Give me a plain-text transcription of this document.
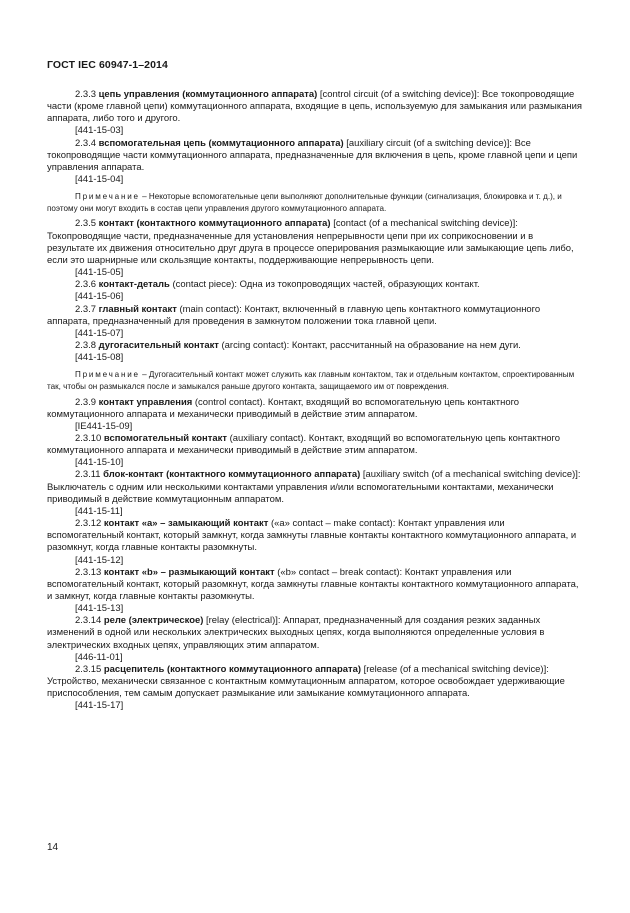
ГОСТ IEC 60947-1–2014

2.3.3 цепь управления (коммутационного аппарата) [control circuit (of a switching device)]: Все токопроводящие части (кроме главной цепи) коммутационного аппарата, входящие в цепь, используемую для замыкания или размыкания аппарата, либо того и другого.

[441-15-03]

2.3.4 вспомогательная цепь (коммутационного аппарата) [auxiliary circuit (of a switching device)]: Все токопроводящие части коммутационного аппарата, предназначенные для включения в цепь, кроме главной цепи и цепи управления аппарата.

[441-15-04]

Примечание – Некоторые вспомогательные цепи выполняют дополнительные функции (сигнализация, блокировка и т. д.), и поэтому они могут входить в состав цепи управления другого коммутационного аппарата.

2.3.5 контакт (контактного коммутационного аппарата) [contact (of a mechanical switching device)]: Токопроводящие части, предназначенные для установления непрерывности цепи при их соприкосновении и в результате их движения относительно друг друга в процессе оперирования размыкающие или замыкающие цепь либо, если это шарнирные или скользящие контакты, поддерживающие непрерывность цепи.

[441-15-05]

2.3.6 контакт-деталь (contact piece): Одна из токопроводящих частей, образующих контакт.

[441-15-06]

2.3.7 главный контакт (main contact): Контакт, включенный в главную цепь контактного коммутационного аппарата, предназначенный для проведения в замкнутом положении тока главной цепи.

[441-15-07]

2.3.8 дугогасительный контакт (arcing contact): Контакт, рассчитанный на образование на нем дуги.

[441-15-08]

Примечание – Дугогасительный контакт может служить как главным контактом, так и отдельным контактом, спроектированным так, чтобы он размыкался после и замыкался раньше другого контакта, защищаемого им от повреждения.

2.3.9 контакт управления (control contact). Контакт, входящий во вспомогательную цепь контактного коммутационного аппарата и механически приводимый в действие этим аппаратом.

[IE441-15-09]

2.3.10 вспомогательный контакт (auxiliary contact). Контакт, входящий во вспомогательную цепь контактного коммутационного аппарата и механически приводимый в действие этим аппаратом.

[441-15-10]

2.3.11 блок-контакт (контактного коммутационного аппарата) [auxiliary switch (of a mechanical switching device)]: Выключатель с одним или несколькими контактами управления и/или вспомогательными контактами, механически приводимый в действие коммутационным аппаратом.

[441-15-11]

2.3.12 контакт «а» – замыкающий контакт («a» contact – make contact): Контакт управления или вспомогательный контакт, который замкнут, когда замкнуты главные контакты контактного коммутационного аппарата, и разомкнут, когда главные контакты разомкнуты.

[441-15-12]

2.3.13 контакт «b» – размыкающий контакт («b» contact – break contact): Контакт управления или вспомогательный контакт, который разомкнут, когда замкнуты главные контакты контактного коммутационного аппарата, и замкнут, когда главные контакты разомкнуты.

[441-15-13]

2.3.14 реле (электрическое) [relay (electrical)]: Аппарат, предназначенный для создания резких заданных изменений в одной или нескольких электрических выходных цепях, когда выполняются определенные условия в электрических входных цепях, управляющих этим аппаратом.

[446-11-01]

2.3.15 расцепитель (контактного коммутационного аппарата) [release (of a mechanical switching device)]: Устройство, механически связанное с контактным коммутационным аппаратом, которое освобождает удерживающие приспособления, тем самым допускает размыкание или замыкание коммутационного аппарата.

[441-15-17]

14
